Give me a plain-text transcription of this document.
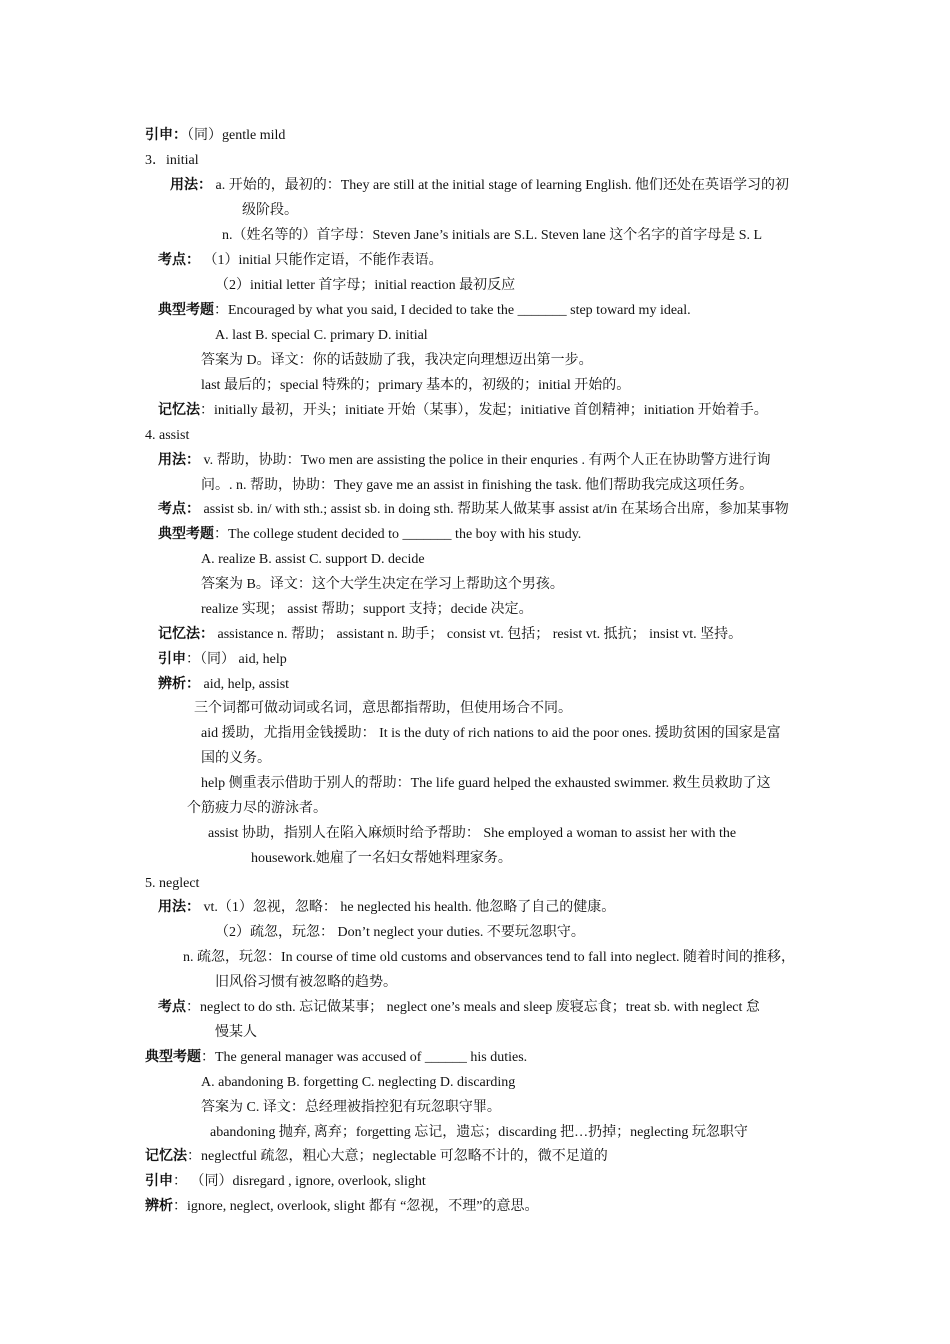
引申：（同）gentle mild
3．initial
用法： a. 开始的，最初的：They are still at the initial stage of learning English. 他们还处在英语学习的初
级阶段。
n.（姓名等的）首字母：Steven Jane’s initials are S.L. Steven lane 这个名字的首字母是 S. L
考点： （1）initial 只能作定语，不能作表语。
（2）initial letter 首字母；initial reaction 最初反应
典型考题：Encouraged by what you said, I decided to take the _______ step toward my ideal.
A. last B. special C. primary D. initial
答案为 D。译文：你的话鼓励了我，我决定向理想迈出第一步。
last 最后的；special 特殊的；primary 基本的，初级的；initial 开始的。
记忆法：initially 最初，开头；initiate 开始（某事），发起；initiative 首创精神；initiation 开始着手。
4. assist
用法： v. 帮助，协助：Two men are assisting the police in their enquries . 有两个人正在协助警方进行询
问。. n. 帮助，协助：They gave me an assist in finishing the task. 他们帮助我完成这项任务。
考点： assist sb. in/ with sth.; assist sb. in doing sth. 帮助某人做某事 assist at/in 在某场合出席，参加某事物
典型考题：The college student decided to _______ the boy with his study.
A. realize B. assist C. support D. decide
答案为 B。译文：这个大学生决定在学习上帮助这个男孩。
realize 实现； assist 帮助；support 支持；decide 决定。
记忆法： assistance n. 帮助； assistant n. 助手； consist vt. 包括； resist vt. 抵抗； insist vt. 坚持。
引申：（同） aid, help
辨析： aid, help, assist
三个词都可做动词或名词，意思都指帮助，但使用场合不同。
aid 援助，尤指用金钱援助： It is the duty of rich nations to aid the poor ones. 援助贫困的国家是富
国的义务。
help 侧重表示借助于别人的帮助：The life guard helped the exhausted swimmer. 救生员救助了这
个筋疲力尽的游泳者。
assist 协助，指别人在陷入麻烦时给予帮助： She employed a woman to assist her with the
housework.她雇了一名妇女帮她料理家务。
5. neglect
用法： vt.（1）忽视，忽略： he neglected his health. 他忽略了自己的健康。
（2）疏忽，玩忽： Don’t neglect your duties. 不要玩忽职守。
n. 疏忽，玩忽：In course of time old customs and observances tend to fall into neglect. 随着时间的推移，
旧风俗习惯有被忽略的趋势。
考点：neglect to do sth. 忘记做某事； neglect one’s meals and sleep 废寝忘食；treat sb. with neglect 怠
慢某人
典型考题：The general manager was accused of ______ his duties.
A. abandoning B. forgetting C. neglecting D. discarding
答案为 C. 译文：总经理被指控犯有玩忽职守罪。
abandoning 抛弃, 离弃；forgetting 忘记，遗忘；discarding 把…扔掉；neglecting 玩忽职守
记忆法：neglectful 疏忽，粗心大意；neglectable 可忽略不计的，微不足道的
引申： （同）disregard , ignore, overlook, slight
辨析：ignore, neglect, overlook, slight 都有 “忽视，不理”的意思。
